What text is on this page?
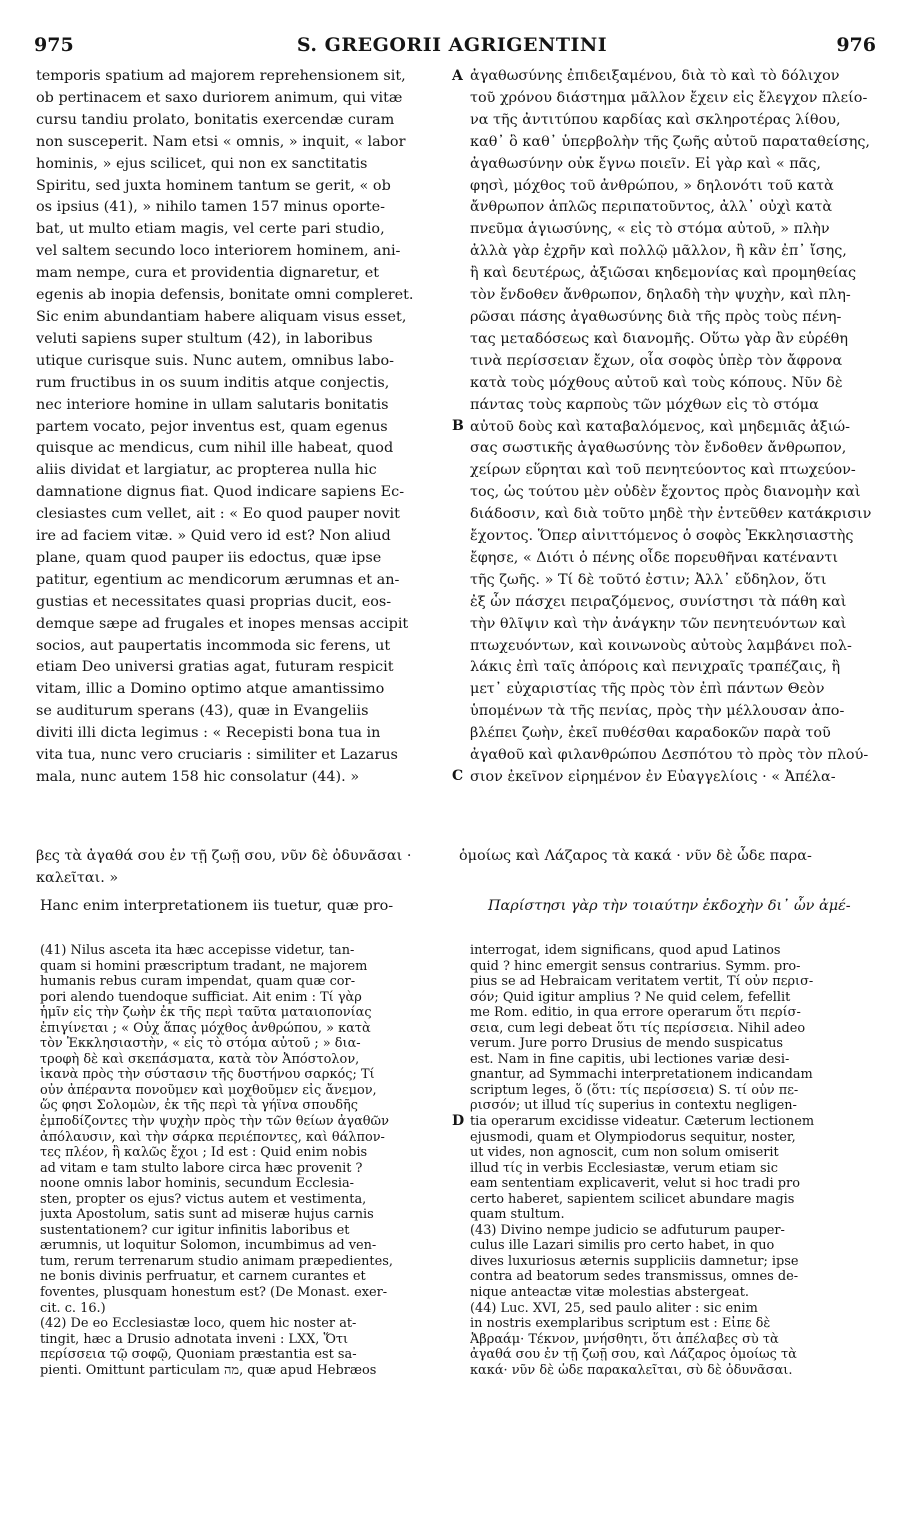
975	S. GREGORII AGRIGENTINI	976
temporis spatium ad majorem reprehensionem sit,
ob pertinacem et saxo duriorem animum, qui vitæ
cursu tandiu prolato, bonitatis exercendæ curam
non susceperit. Nam etsi « omnis, » inquit, « labor
hominis, » ejus scilicet, qui non ex sanctitatis
Spiritu, sed juxta hominem tantum se gerit, « ob
os ipsius (41), » nihilo tamen 157 minus oporte-
bat, ut multo etiam magis, vel certe pari studio,
vel saltem secundo loco interiorem hominem, ani-
mam nempe, cura et providentia dignaretur, et
egenis ab inopia defensis, bonitate omni compleret.
Sic enim abundantiam habere aliquam visus esset,
veluti sapiens super stultum (42), in laboribus
utique curisque suis. Nunc autem, omnibus labo-
rum fructibus in os suum inditis atque conjectis,
nec interiore homine in ullam salutaris bonitatis
partem vocato, pejor inventus est, quam egenus
quisque ac mendicus, cum nihil ille habeat, quod
aliis dividat et largiatur, ac propterea nulla hic
damnatione dignus fiat. Quod indicare sapiens Ec-
clesiastes cum vellet, ait : « Eo quod pauper novit
ire ad faciem vitæ. » Quid vero id est? Non aliud
plane, quam quod pauper iis edoctus, quæ ipse
patitur, egentium ac mendicorum ærumnas et an-
gustias et necessitates quasi proprias ducit, eos-
demque sæpe ad frugales et inopes mensas accipit
socios, aut paupertatis incommoda sic ferens, ut
etiam Deo universi gratias agat, futuram respicit
vitam, illic a Domino optimo atque amantissimo
se auditurum sperans (43), quæ in Evangeliis
diviti illi dicta legimus : « Recepisti bona tua in
vita tua, nunc vero cruciaris : similiter et Lazarus
mala, nunc autem 158 hic consolatur (44). »
A
B
C
ἀγαθωσύνης ἐπιδειξαμένου, διὰ τὸ καὶ τὸ δόλιχον
τοῦ χρόνου διάστημα μᾶλλον ἔχειν εἰς ἔλεγχον πλείο-
να τῆς ἀντιτύπου καρδίας καὶ σκληροτέρας λίθου,
καθ᾽ ὃ καθ᾽ ὑπερβολὴν τῆς ζωῆς αὐτοῦ παραταθείσης,
ἀγαθωσύνην οὐκ ἔγνω ποιεῖν. Εἰ γὰρ καὶ « πᾶς,
φησὶ, μόχθος τοῦ ἀνθρώπου, » δηλονότι τοῦ κατὰ
ἄνθρωπον ἁπλῶς περιπατοῦντος, ἀλλ᾽ οὐχὶ κατὰ
πνεῦμα ἁγιωσύνης, « εἰς τὸ στόμα αὐτοῦ, » πλὴν
ἀλλὰ γὰρ ἐχρῆν καὶ πολλῷ μᾶλλον, ἢ κἂν ἐπ᾽ ἴσης,
ἢ καὶ δευτέρως, ἀξιῶσαι κηδεμονίας καὶ προμηθείας
τὸν ἔνδοθεν ἄνθρωπον, δηλαδὴ τὴν ψυχὴν, καὶ πλη-
ρῶσαι πάσης ἀγαθωσύνης διὰ τῆς πρὸς τοὺς πένη-
τας μεταδόσεως καὶ διανομῆς. Οὕτω γὰρ ἂν εὑρέθη
τινὰ περίσσειαν ἔχων, οἷα σοφὸς ὑπὲρ τὸν ἄφρονα
κατὰ τοὺς μόχθους αὐτοῦ καὶ τοὺς κόπους. Νῦν δὲ
πάντας τοὺς καρποὺς τῶν μόχθων εἰς τὸ στόμα
αὐτοῦ δοὺς καὶ καταβαλόμενος, καὶ μηδεμιᾶς ἀξιώ-
σας σωστικῆς ἀγαθωσύνης τὸν ἔνδοθεν ἄνθρωπον,
χείρων εὕρηται καὶ τοῦ πενητεύοντος καὶ πτωχεύον-
τος, ὡς τούτου μὲν οὐδὲν ἔχοντος πρὸς διανομὴν καὶ
διάδοσιν, καὶ διὰ τοῦτο μηδὲ τὴν ἐντεῦθεν κατάκρισιν
ἔχοντος. Ὅπερ αἰνιττόμενος ὁ σοφὸς Ἐκκλησιαστὴς
ἔφησε, « Διότι ὁ πένης οἶδε πορευθῆναι κατέναντι
τῆς ζωῆς. » Τί δὲ τοῦτό ἐστιν; Ἀλλ᾽ εὔδηλον, ὅτι
ἐξ ὧν πάσχει πειραζόμενος, συνίστησι τὰ πάθη καὶ
τὴν θλῖψιν καὶ τὴν ἀνάγκην τῶν πενητευόντων καὶ
πτωχευόντων, καὶ κοινωνοὺς αὐτοὺς λαμβάνει πολ-
λάκις ἐπὶ ταῖς ἀπόροις καὶ πενιχραῖς τραπέζαις, ἢ
μετ᾽ εὐχαριστίας τῆς πρὸς τὸν ἐπὶ πάντων Θεὸν
ὑπομένων τὰ τῆς πενίας, πρὸς τὴν μέλλουσαν ἀπο-
βλέπει ζωὴν, ἐκεῖ πυθέσθαι καραδοκῶν παρὰ τοῦ
ἀγαθοῦ καὶ φιλανθρώπου Δεσπότου τὸ πρὸς τὸν πλού-
σιον ἐκεῖνον εἰρημένον ἐν Εὐαγγελίοις · « Ἀπέλα-
βες τὰ ἀγαθά σου ἐν τῇ ζωῇ σου, νῦν δὲ ὀδυνᾶσαι ·	ὁμοίως καὶ Λάζαρος τὰ κακά · νῦν δὲ ὧδε παρα-
καλεῖται. »
Hanc enim interpretationem iis tuetur, quæ pro-	Παρίστησι γὰρ τὴν τοιαύτην ἐκδοχὴν δι᾽ ὧν ἀμέ-
(41) Nilus asceta ita hæc accepisse videtur, tan-
quam si homini præscriptum tradant, ne majorem
humanis rebus curam impendat, quam quæ cor-
pori alendo tuendoque sufficiat. Ait enim : Τί γὰρ
ἡμῖν εἰς τὴν ζωὴν ἐκ τῆς περὶ ταῦτα ματαιοπονίας
ἐπιγίνεται ; « Οὐχ ἅπας μόχθος ἀνθρώπου, » κατὰ
τὸν Ἐκκλησιαστὴν, « εἰς τὸ στόμα αὐτοῦ ; » δια-
τροφὴ δὲ καὶ σκεπάσματα, κατὰ τὸν Ἀπόστολον,
ἱκανὰ πρὸς τὴν σύστασιν τῆς δυστήνου σαρκός; Τί
οὖν ἀπέραντα πονοῦμεν καὶ μοχθοῦμεν εἰς ἄνεμον,
ὥς φησι Σολομὼν, ἐκ τῆς περὶ τὰ γήϊνα σπουδῆς
ἐμποδίζοντες τὴν ψυχὴν πρὸς τὴν τῶν θείων ἀγαθῶν
ἀπόλαυσιν, καὶ τὴν σάρκα περιέποντες, καὶ θάλπον-
τες πλέον, ἢ καλῶς ἔχοι ; Id est : Quid enim nobis
ad vitam e tam stulto labore circa hæc provenit ?
noone omnis labor hominis, secundum Ecclesia-
sten, propter os ejus? victus autem et vestimenta,
juxta Apostolum, satis sunt ad miseræ hujus carnis
sustentationem? cur igitur infinitis laboribus et
ærumnis, ut loquitur Solomon, incumbimus ad ven-
tum, rerum terrenarum studio animam præpedientes,
ne bonis divinis perfruatur, et carnem curantes et
foventes, plusquam honestum est? (De Monast. exer-
cit. c. 16.)
(42) De eo Ecclesiastæ loco, quem hic noster at-
tingit, hæc a Drusio adnotata inveni : LXX, Ὅτι
περίσσεια τῷ σοφῷ, Quoniam præstantia est sa-
pienti. Omittunt particulam מה, quæ apud Hebræos
D
interrogat, idem significans, quod apud Latinos
quid ? hinc emergit sensus contrarius. Symm. pro-
pius se ad Hebraicam veritatem vertit, Τί οὖν περισ-
σόν; Quid igitur amplius ? Ne quid celem, fefellit
me Rom. editio, in qua errore operarum ὅτι περίσ-
σεια, cum legi debeat ὅτι τίς περίσσεια. Nihil adeo
verum. Jure porro Drusius de mendo suspicatus
est. Nam in fine capitis, ubi lectiones variæ desi-
gnantur, ad Symmachi interpretationem indicandam
scriptum leges, ὅ (ὅτι: τίς περίσσεια) S. τί οὖν πε-
ρισσόν; ut illud τίς superius in contextu negligen-
tia operarum excidisse videatur. Cæterum lectionem
ejusmodi, quam et Olympiodorus sequitur, noster,
ut vides, non agnoscit, cum non solum omiserit
illud τίς in verbis Ecclesiastæ, verum etiam sic
eam sententiam explicaverit, velut si hoc tradi pro
certo haberet, sapientem scilicet abundare magis
quam stultum.
(43) Divino nempe judicio se adfuturum pauper-
culus ille Lazari similis pro certo habet, in quo
dives luxuriosus æternis suppliciis damnetur; ipse
contra ad beatorum sedes transmissus, omnes de-
nique anteactæ vitæ molestias abstergeat.
(44) Luc. XVI, 25, sed paulo aliter : sic enim
in nostris exemplaribus scriptum est : Εἶπε δὲ
Ἀβραάμ· Τέκνον, μνήσθητι, ὅτι ἀπέλαβες σὺ τὰ
ἀγαθά σου ἐν τῇ ζωῇ σου, καὶ Λάζαρος ὁμοίως τὰ
κακά· νῦν δὲ ὧδε παρακαλεῖται, σὺ δὲ ὀδυνᾶσαι.
